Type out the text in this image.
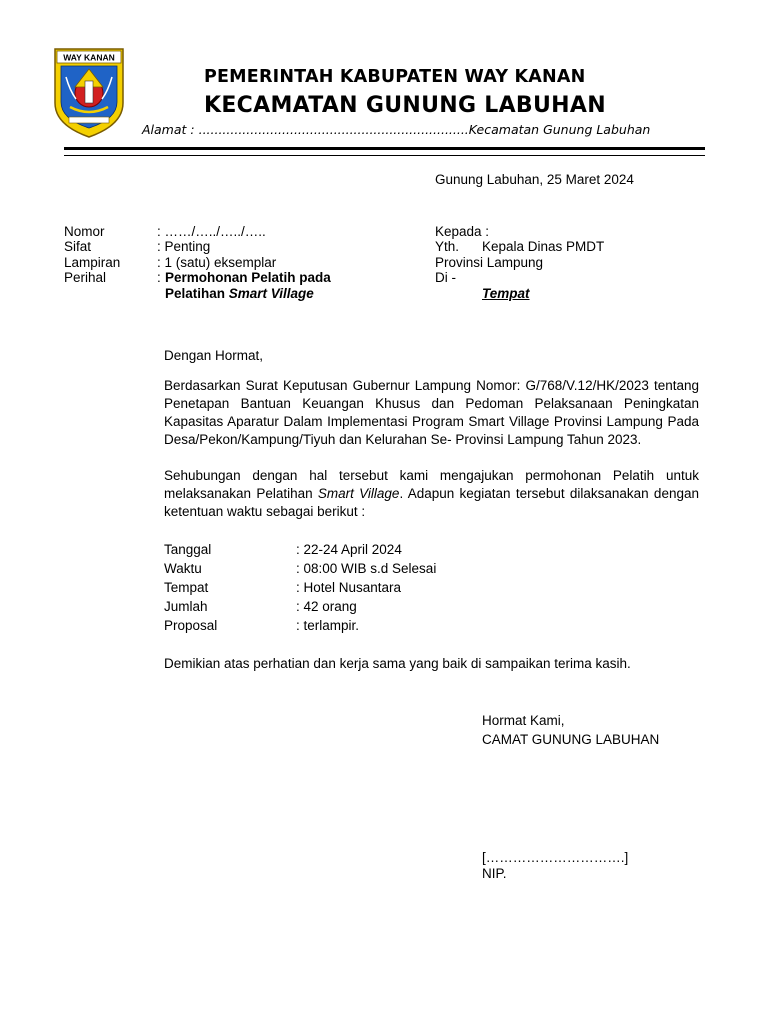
WAY KANAN
PEMERINTAH KABUPATEN WAY KANAN
KECAMATAN GUNUNG LABUHAN
Alamat : ....................................................................Kecamatan Gunung Labuhan
Gunung Labuhan, 25 Maret 2024
Nomor	: ……/…../…../…..
Sifat	: Penting
Lampiran	: 1 (satu) eksemplar
Perihal	: Permohonan Pelatih pada
Pelatihan Smart Village
Kepada :
Yth. Kepala Dinas PMDT
Provinsi Lampung
Di -
Tempat
Dengan Hormat,
Berdasarkan Surat Keputusan Gubernur Lampung Nomor: G/768/V.12/HK/2023 tentang Penetapan Bantuan Keuangan Khusus dan Pedoman Pelaksanaan Peningkatan Kapasitas Aparatur Dalam Implementasi Program Smart Village Provinsi Lampung Pada Desa/Pekon/Kampung/Tiyuh dan Kelurahan Se- Provinsi Lampung Tahun 2023.
Sehubungan dengan hal tersebut kami mengajukan permohonan Pelatih untuk melaksanakan Pelatihan Smart Village. Adapun kegiatan tersebut dilaksanakan dengan ketentuan waktu sebagai berikut :
Tanggal	: 22-24 April 2024
Waktu	: 08:00 WIB s.d Selesai
Tempat	: Hotel Nusantara
Jumlah	: 42 orang
Proposal	: terlampir.
Demikian atas perhatian dan kerja sama yang baik di sampaikan terima kasih.
Hormat Kami,
CAMAT GUNUNG LABUHAN
[………………………….]
NIP.
